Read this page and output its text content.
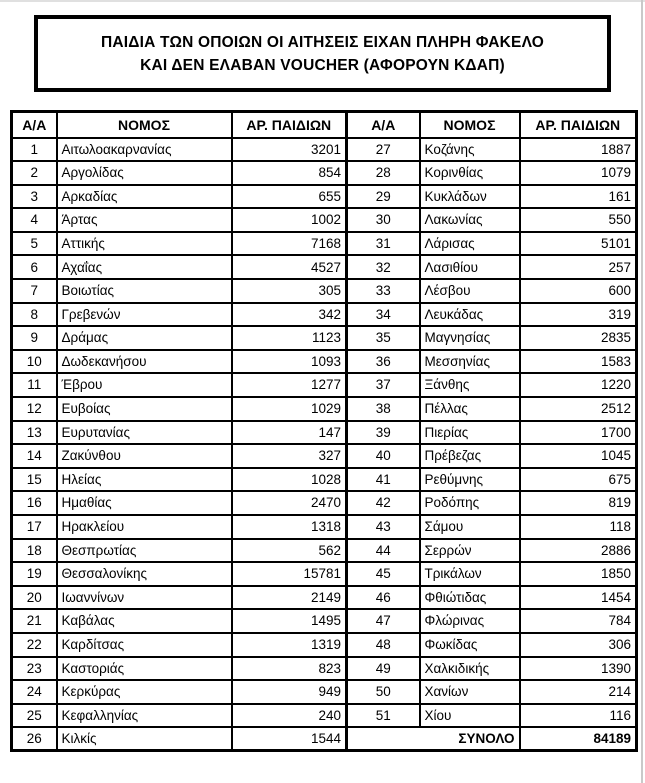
ΠΑΙΔΙΑ ΤΩΝ ΟΠΟΙΩΝ ΟΙ ΑΙΤΗΣΕΙΣ ΕΙΧΑΝ ΠΛΗΡΗ ΦΑΚΕΛΟ
ΚΑΙ ΔΕΝ ΕΛΑΒΑΝ VOUCHER (ΑΦΟΡΟΥΝ ΚΔΑΠ)
Α/Α	ΝΟΜΟΣ	ΑΡ. ΠΑΙΔΙΩΝ	Α/Α	ΝΟΜΟΣ	ΑΡ. ΠΑΙΔΙΩΝ
1	Αιτωλοακαρνανίας	3201	27	Κοζάνης	1887
2	Αργολίδας	854	28	Κορινθίας	1079
3	Αρκαδίας	655	29	Κυκλάδων	161
4	Άρτας	1002	30	Λακωνίας	550
5	Αττικής	7168	31	Λάρισας	5101
6	Αχαΐας	4527	32	Λασιθίου	257
7	Βοιωτίας	305	33	Λέσβου	600
8	Γρεβενών	342	34	Λευκάδας	319
9	Δράμας	1123	35	Μαγνησίας	2835
10	Δωδεκανήσου	1093	36	Μεσσηνίας	1583
11	Έβρου	1277	37	Ξάνθης	1220
12	Ευβοίας	1029	38	Πέλλας	2512
13	Ευρυτανίας	147	39	Πιερίας	1700
14	Ζακύνθου	327	40	Πρέβεζας	1045
15	Ηλείας	1028	41	Ρεθύμνης	675
16	Ημαθίας	2470	42	Ροδόπης	819
17	Ηρακλείου	1318	43	Σάμου	118
18	Θεσπρωτίας	562	44	Σερρών	2886
19	Θεσσαλονίκης	15781	45	Τρικάλων	1850
20	Ιωαννίνων	2149	46	Φθιώτιδας	1454
21	Καβάλας	1495	47	Φλώρινας	784
22	Καρδίτσας	1319	48	Φωκίδας	306
23	Καστοριάς	823	49	Χαλκιδικής	1390
24	Κερκύρας	949	50	Χανίων	214
25	Κεφαλληνίας	240	51	Χίου	116
26	Κιλκίς	1544	ΣΥΝΟΛΟ		84189
